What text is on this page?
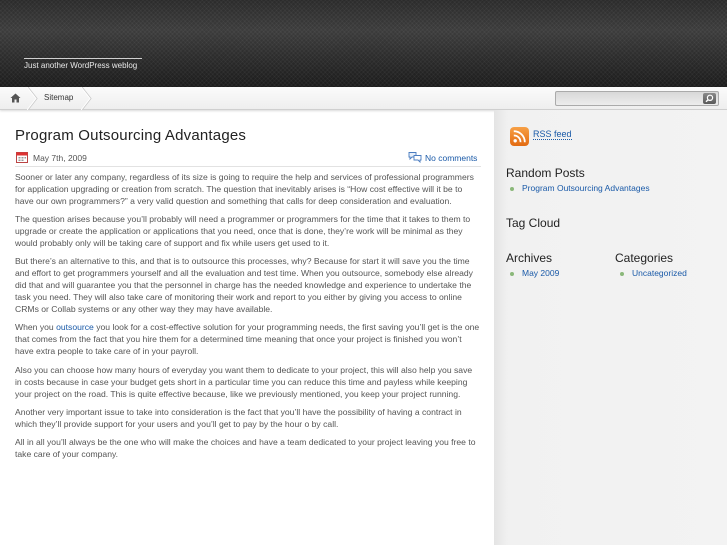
Just another WordPress weblog
Sitemap
Program Outsourcing Advantages
May 7th, 2009	No comments

Sooner or later any company, regardless of its size is going to require the help and services of professional programmers for application upgrading or creation from scratch. The question that inevitably arises is “How cost effective will it be to have our own programmers?” a very valid question and something that calls for deep consideration and evaluation.

The question arises because you’ll probably will need a programmer or programmers for the time that it takes to them to upgrade or create the application or applications that you need, once that is done, they’re work will be minimal as they would probably only will be taking care of support and fix while users get used to it.

But there’s an alternative to this, and that is to outsource this processes, why? Because for start it will save you the time and effort to get programmers yourself and all the evaluation and test time. When you outsource, somebody else already did that and will guarantee you that the personnel in charge has the needed knowledge and experience to undertake the task you need. They will also take care of monitoring their work and report to you either by giving you access to online CRMs or Collab systems or any other way they may have available.

When you outsource you look for a cost-effective solution for your programming needs, the first saving you’ll get is the one that comes from the fact that you hire them for a determined time meaning that once your project is finished you won’t have extra people to take care of in your payroll.

Also you can choose how many hours of everyday you want them to dedicate to your project, this will also help you save in costs because in case your budget gets short in a particular time you can reduce this time and payless while keeping your project on the road. This is quite effective because, like we previously mentioned, you keep your project running.

Another very important issue to take into consideration is the fact that you’ll have the possibility of having a contract in which they’ll provide support for your users and you’ll get to pay by the hour o by call.

All in all you’ll always be the one who will make the choices and have a team dedicated to your project leaving you free to take care of your company.

RSS feed
Random Posts
Program Outsourcing Advantages
Tag Cloud
Archives
May 2009
Categories
Uncategorized
